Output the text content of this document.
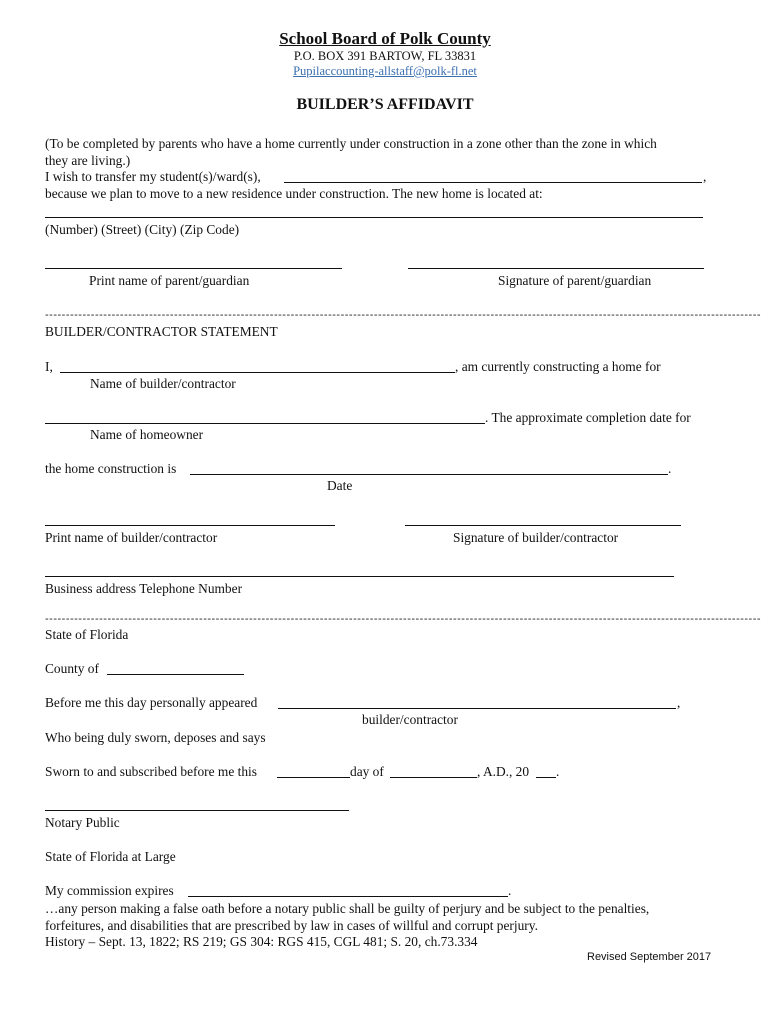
School Board of Polk County
P.O. BOX 391 BARTOW, FL 33831
Pupilaccounting-allstaff@polk-fl.net
BUILDER’S AFFIDAVIT
(To be completed by parents who have a home currently under construction in a zone other than the zone in which
they are living.)
I wish to transfer my student(s)/ward(s),	,
because we plan to move to a new residence under construction. The new home is located at:
(Number) (Street) (City) (Zip Code)
Print name of parent/guardian	Signature of parent/guardian
----------------------------------------------------------------------------------------------------------------------------------------------------------------------------
BUILDER/CONTRACTOR STATEMENT
I,	, am currently constructing a home for
Name of builder/contractor
. The approximate completion date for
Name of homeowner
the home construction is	.
Date
Print name of builder/contractor	Signature of builder/contractor
Business address Telephone Number
----------------------------------------------------------------------------------------------------------------------------------------------------------------------------
State of Florida
County of
Before me this day personally appeared	,
builder/contractor
Who being duly sworn, deposes and says
Sworn to and subscribed before me this	day of	, A.D., 20 .
Notary Public
State of Florida at Large
My commission expires	.
…any person making a false oath before a notary public shall be guilty of perjury and be subject to the penalties,
forfeitures, and disabilities that are prescribed by law in cases of willful and corrupt perjury.
History – Sept. 13, 1822; RS 219; GS 304: RGS 415, CGL 481; S. 20, ch.73.334
Revised September 2017
